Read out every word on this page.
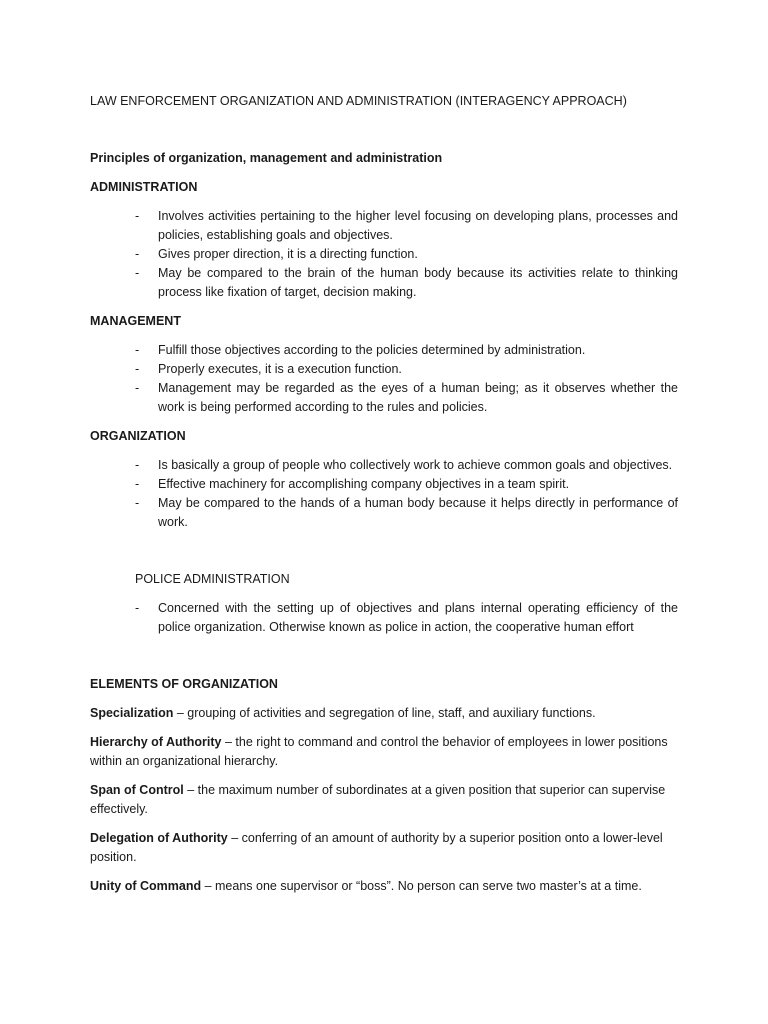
LAW ENFORCEMENT ORGANIZATION AND ADMINISTRATION (INTERAGENCY APPROACH)

Principles of organization, management and administration

ADMINISTRATION

- Involves activities pertaining to the higher level focusing on developing plans, processes and policies, establishing goals and objectives.
- Gives proper direction, it is a directing function.
- May be compared to the brain of the human body because its activities relate to thinking process like fixation of target, decision making.

MANAGEMENT

- Fulfill those objectives according to the policies determined by administration.
- Properly executes, it is a execution function.
- Management may be regarded as the eyes of a human being; as it observes whether the work is being performed according to the rules and policies.

ORGANIZATION

- Is basically a group of people who collectively work to achieve common goals and objectives.
- Effective machinery for accomplishing company objectives in a team spirit.
- May be compared to the hands of a human body because it helps directly in performance of work.

POLICE ADMINISTRATION

- Concerned with the setting up of objectives and plans internal operating efficiency of the police organization. Otherwise known as police in action, the cooperative human effort

ELEMENTS OF ORGANIZATION

Specialization – grouping of activities and segregation of line, staff, and auxiliary functions.

Hierarchy of Authority – the right to command and control the behavior of employees in lower positions within an organizational hierarchy.

Span of Control – the maximum number of subordinates at a given position that superior can supervise effectively.

Delegation of Authority – conferring of an amount of authority by a superior position onto a lower-level position.

Unity of Command – means one supervisor or “boss”. No person can serve two master’s at a time.
